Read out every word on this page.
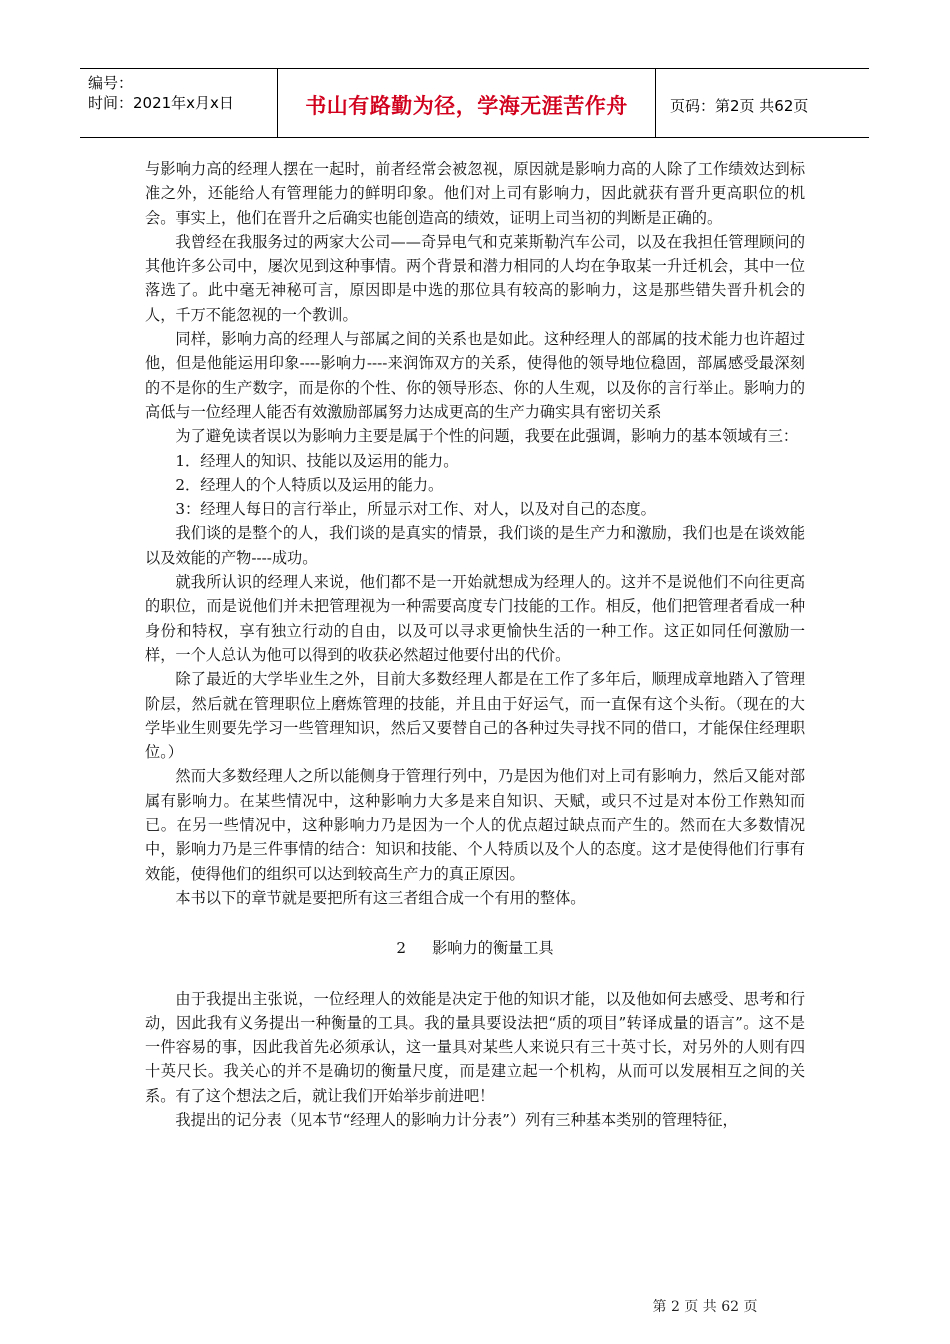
编号：
时间：2021年x月x日	书山有路勤为径，学海无涯苦作舟	页码：第2页 共62页

与影响力高的经理人摆在一起时，前者经常会被忽视，原因就是影响力高的人除了工作绩效达到标准之外，还能给人有管理能力的鲜明印象。他们对上司有影响力，因此就获有晋升更高职位的机会。事实上，他们在晋升之后确实也能创造高的绩效，证明上司当初的判断是正确的。

我曾经在我服务过的两家大公司——奇异电气和克莱斯勒汽车公司，以及在我担任管理顾问的其他许多公司中，屡次见到这种事情。两个背景和潜力相同的人均在争取某一升迁机会，其中一位落选了。此中毫无神秘可言，原因即是中选的那位具有较高的影响力，这是那些错失晋升机会的人，千万不能忽视的一个教训。

同样，影响力高的经理人与部属之间的关系也是如此。这种经理人的部属的技术能力也许超过他，但是他能运用印象----影响力----来润饰双方的关系，使得他的领导地位稳固，部属感受最深刻的不是你的生产数字，而是你的个性、你的领导形态、你的人生观，以及你的言行举止。影响力的高低与一位经理人能否有效激励部属努力达成更高的生产力确实具有密切关系

为了避免读者误以为影响力主要是属于个性的问题，我要在此强调，影响力的基本领域有三：

1．经理人的知识、技能以及运用的能力。

2．经理人的个人特质以及运用的能力。

3：经理人每日的言行举止，所显示对工作、对人，以及对自己的态度。

我们谈的是整个的人，我们谈的是真实的情景，我们谈的是生产力和激励，我们也是在谈效能以及效能的产物----成功。

就我所认识的经理人来说，他们都不是一开始就想成为经理人的。这并不是说他们不向往更高的职位，而是说他们并未把管理视为一种需要高度专门技能的工作。相反，他们把管理者看成一种身份和特权，享有独立行动的自由，以及可以寻求更愉快生活的一种工作。这正如同任何激励一样，一个人总认为他可以得到的收获必然超过他要付出的代价。

除了最近的大学毕业生之外，目前大多数经理人都是在工作了多年后，顺理成章地踏入了管理阶层，然后就在管理职位上磨炼管理的技能，并且由于好运气，而一直保有这个头衔。（现在的大学毕业生则要先学习一些管理知识，然后又要替自己的各种过失寻找不同的借口，才能保住经理职位。）

然而大多数经理人之所以能侧身于管理行列中，乃是因为他们对上司有影响力，然后又能对部属有影响力。在某些情况中，这种影响力大多是来自知识、天赋，或只不过是对本份工作熟知而已。在另一些情况中，这种影响力乃是因为一个人的优点超过缺点而产生的。然而在大多数情况中，影响力乃是三件事情的结合：知识和技能、个人特质以及个人的态度。这才是使得他们行事有效能，使得他们的组织可以达到较高生产力的真正原因。

本书以下的章节就是要把所有这三者组合成一个有用的整体。

2 影响力的衡量工具

由于我提出主张说，一位经理人的效能是决定于他的知识才能，以及他如何去感受、思考和行动，因此我有义务提出一种衡量的工具。我的量具要设法把“质的项目”转译成量的语言”。这不是一件容易的事，因此我首先必须承认，这一量具对某些人来说只有三十英寸长，对另外的人则有四十英尺长。我关心的并不是确切的衡量尺度，而是建立起一个机构，从而可以发展相互之间的关系。有了这个想法之后，就让我们开始举步前进吧！

我提出的记分表（见本节“经理人的影响力计分表”）列有三种基本类别的管理特征，

第 2 页 共 62 页
